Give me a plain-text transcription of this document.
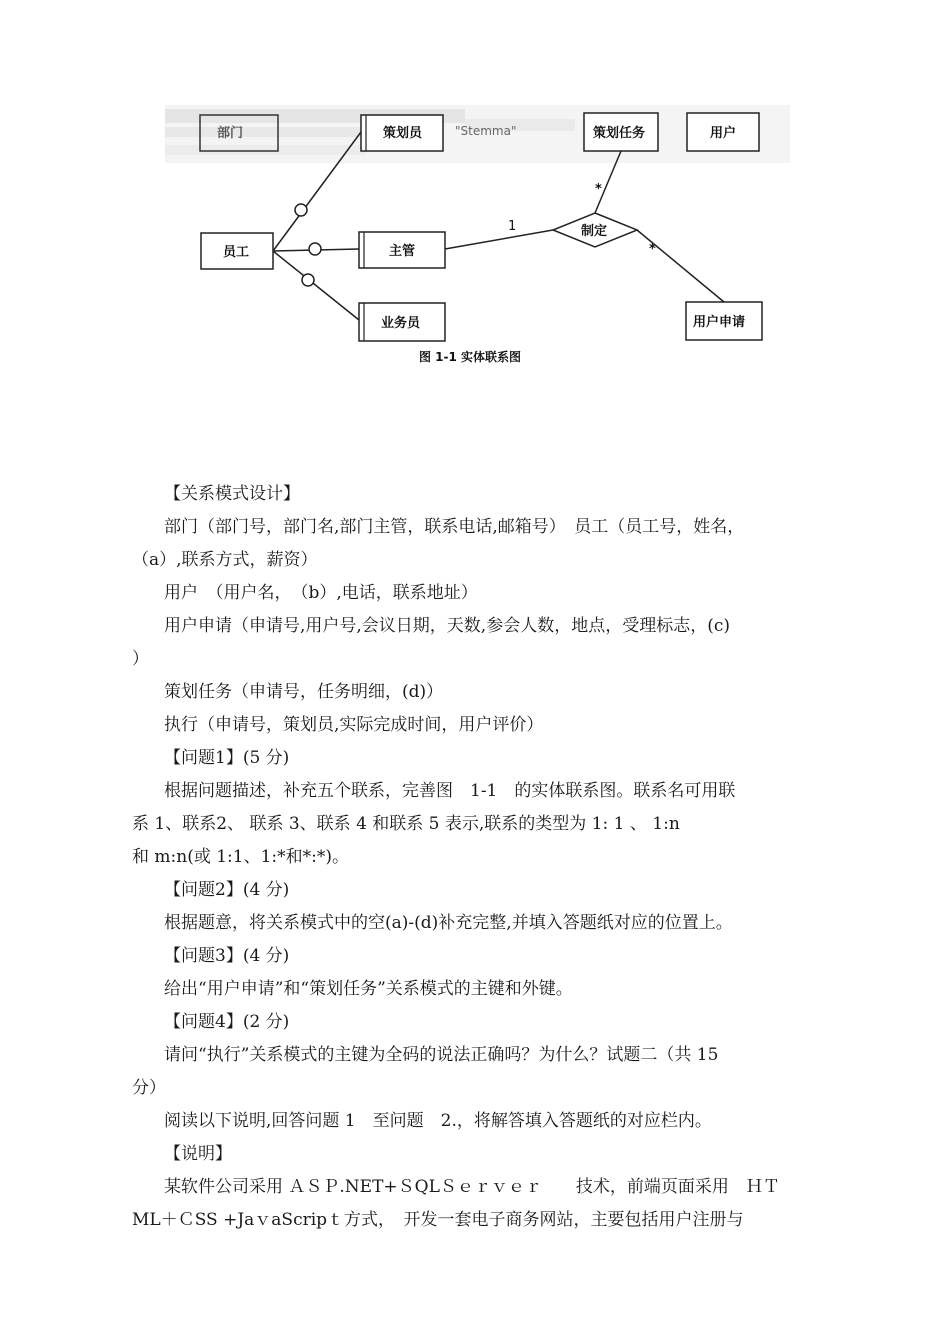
"Stemma"
部门	策划员	策划任务	用户
员工	主管
业务员	用户申请
制定
1
*
*
图 1-1 实体联系图

【关系模式设计】

部门（部门号，部门名,部门主管，联系电话,邮箱号）　员工（员工号，姓名，

（a）,联系方式，薪资）

用户　（用户名，　（b）,电话，联系地址）

用户申请（申请号,用户号,会议日期，天数,参会人数，地点，受理标志，(c)

）

策划任务（申请号，任务明细，(d)）

执行（申请号，策划员,实际完成时间，用户评价）

【问题1】(5 分)

根据问题描述，补充五个联系，完善图　1-1　的实体联系图。联系名可用联

系 1、联系2、 联系 3、联系 4 和联系 5 表示,联系的类型为 1: 1 、 1:n

和 m:n(或 1:1、1:*和*:*)。

【问题2】(4 分)

根据题意，将关系模式中的空(a)-(d)补充完整,并填入答题纸对应的位置上。

【问题3】(4 分)

给出“用户申请”和“策划任务”关系模式的主键和外键。

【问题4】(2 分)

请问“执行”关系模式的主键为全码的说法正确吗？为什么？试题二（共 15

分）

阅读以下说明,回答问题 1　至问题　2.，将解答填入答题纸的对应栏内。

【说明】

某软件公司采用 ＡＳＰ.NET+ＳQLＳｅｒｖｅｒ　　技术，前端页面采用　ＨＴ

ML＋ＣSS +JaｖaScripｔ方式，　开发一套电子商务网站，主要包括用户注册与
